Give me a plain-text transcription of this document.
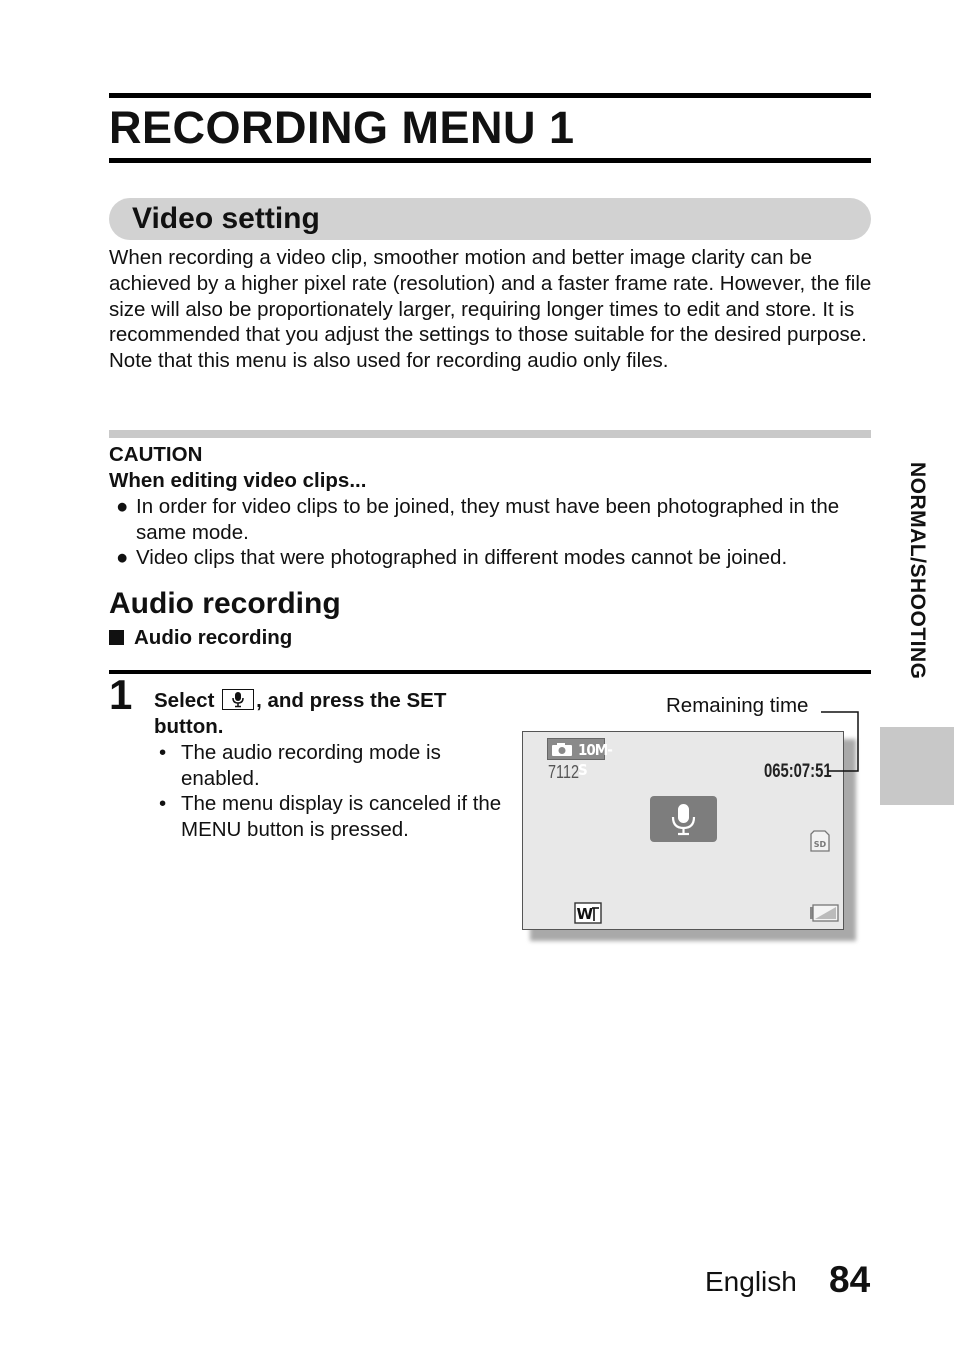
RECORDING MENU 1
Video setting

When recording a video clip, smoother motion and better image clarity can be achieved by a higher pixel rate (resolution) and a faster frame rate. However, the file size will also be proportionately larger, requiring longer times to edit and store. It is recommended that you adjust the settings to those suitable for the desired purpose. Note that this menu is also used for recording audio only files.

CAUTION
When editing video clips...
● In order for video clips to be joined, they must have been photographed in the same mode.
● Video clips that were photographed in different modes cannot be joined.
Audio recording
Audio recording
1 Select , and press the SET
button.
• The audio recording mode is enabled.
• The menu display is canceled if the MENU button is pressed.
Remaining time
10M-S
7112	065:07:51
SD
W
NORMAL/SHOOTING
English 84
